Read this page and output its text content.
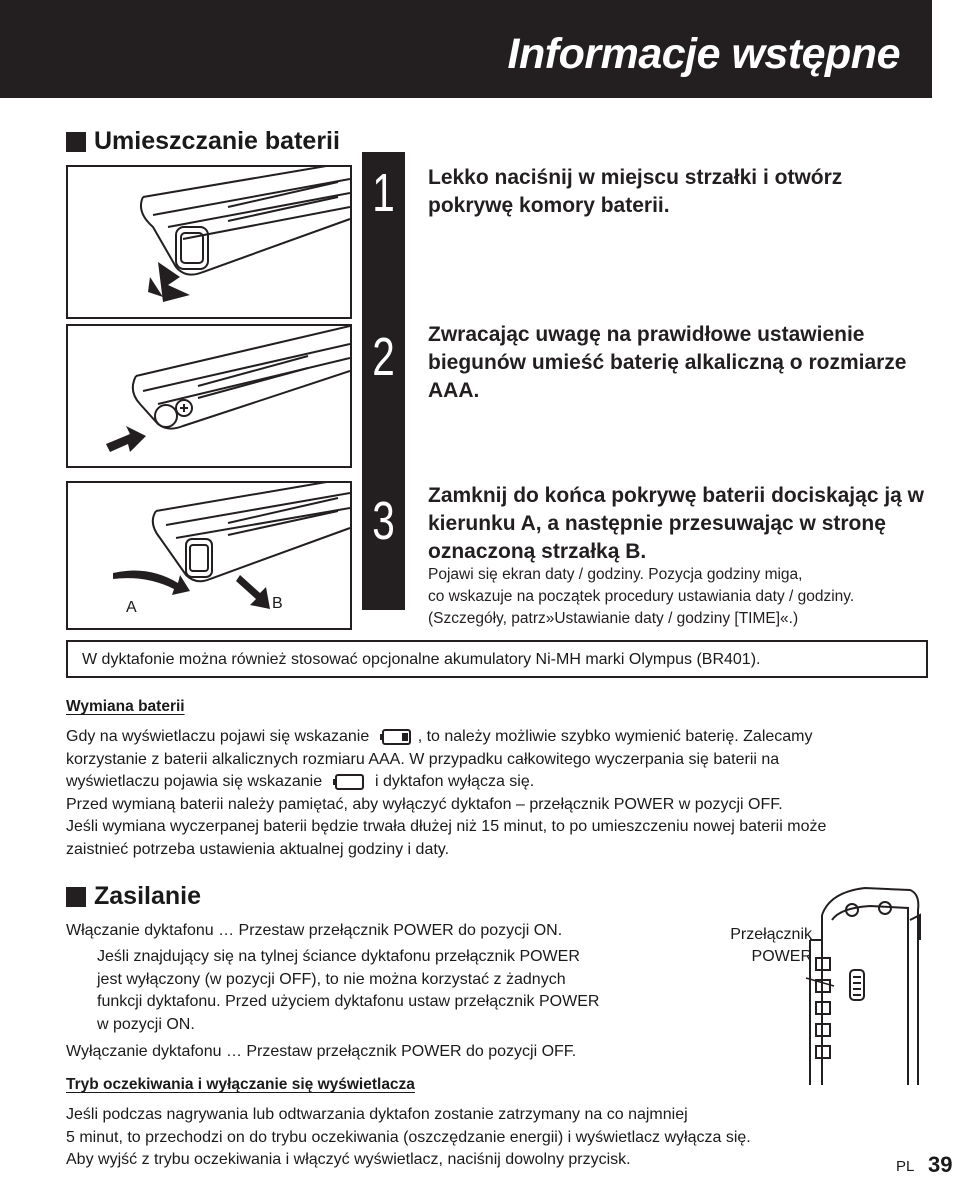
Informacje wstępne
Umieszczanie baterii
A	B
1
2
3
Lekko naciśnij w miejscu strzałki i otwórz pokrywę komory baterii.
Zwracając uwagę na prawidłowe ustawienie biegunów umieść baterię alkaliczną o rozmiarze AAA.
Zamknij do końca pokrywę baterii dociskając ją w kierunku A, a następnie przesuwając w stronę oznaczoną strzałką B.
Pojawi się ekran daty / godziny. Pozycja godziny miga,
co wskazuje na początek procedury ustawiania daty / godziny.
(Szczegóły, patrz»Ustawianie daty / godziny [TIME]«.)
W dyktafonie można również stosować opcjonalne akumulatory Ni-MH marki Olympus (BR401).
Wymiana baterii
Gdy na wyświetlaczu pojawi się wskazanie	, to należy możliwie szybko wymienić baterię. Zalecamy
korzystanie z baterii alkalicznych rozmiaru AAA. W przypadku całkowitego wyczerpania się baterii na
wyświetlaczu pojawia się wskazanie	i dyktafon wyłącza się.
Przed wymianą baterii należy pamiętać, aby wyłączyć dyktafon – przełącznik POWER w pozycji OFF.
Jeśli wymiana wyczerpanej baterii będzie trwała dłużej niż 15 minut, to po umieszczeniu nowej baterii może
zaistnieć potrzeba ustawienia aktualnej godziny i daty.
Zasilanie
Włączanie dyktafonu … Przestaw przełącznik POWER do pozycji ON.
Jeśli znajdujący się na tylnej ściance dyktafonu przełącznik POWER
jest wyłączony (w pozycji OFF), to nie można korzystać z żadnych
funkcji dyktafonu. Przed użyciem dyktafonu ustaw przełącznik POWER
w pozycji ON.
Wyłączanie dyktafonu … Przestaw przełącznik POWER do pozycji OFF.
Przełącznik
POWER
Tryb oczekiwania i wyłączanie się wyświetlacza
Jeśli podczas nagrywania lub odtwarzania dyktafon zostanie zatrzymany na co najmniej
5 minut, to przechodzi on do trybu oczekiwania (oszczędzanie energii) i wyświetlacz wyłącza się.
Aby wyjść z trybu oczekiwania i włączyć wyświetlacz, naciśnij dowolny przycisk.	PL 39
